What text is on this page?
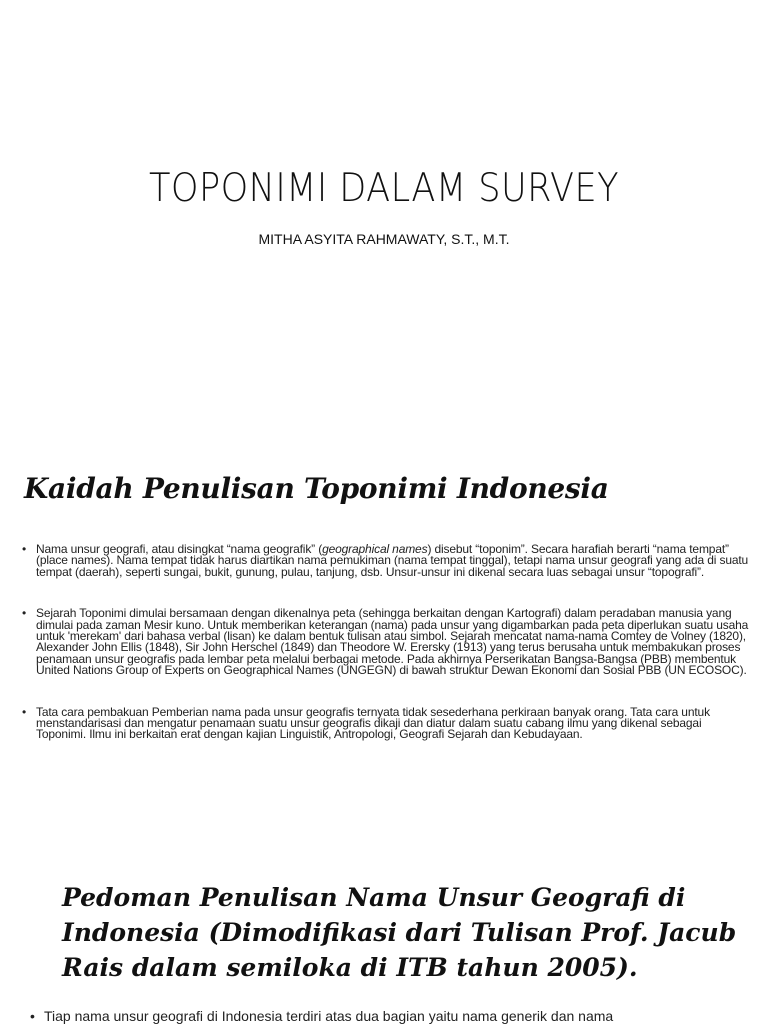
TOPONIMI DALAM SURVEY
MITHA ASYITA RAHMAWATY, S.T., M.T.
Kaidah Penulisan Toponimi Indonesia
• Nama unsur geografi, atau disingkat “nama geografik” (geographical names) disebut “toponim”. Secara harafiah berarti “nama tempat” (place names). Nama tempat tidak harus diartikan nama pemukiman (nama tempat tinggal), tetapi nama unsur geografi yang ada di suatu tempat (daerah), seperti sungai, bukit, gunung, pulau, tanjung, dsb. Unsur-unsur ini dikenal secara luas sebagai unsur “topografi”.
• Sejarah Toponimi dimulai bersamaan dengan dikenalnya peta (sehingga berkaitan dengan Kartografi) dalam peradaban manusia yang dimulai pada zaman Mesir kuno. Untuk memberikan keterangan (nama) pada unsur yang digambarkan pada peta diperlukan suatu usaha untuk 'merekam' dari bahasa verbal (lisan) ke dalam bentuk tulisan atau simbol. Sejarah mencatat nama-nama Comtey de Volney (1820), Alexander John Ellis (1848), Sir John Herschel (1849) dan Theodore W. Erersky (1913) yang terus berusaha untuk membakukan proses penamaan unsur geografis pada lembar peta melalui berbagai metode. Pada akhirnya Perserikatan Bangsa-Bangsa (PBB) membentuk United Nations Group of Experts on Geographical Names (UNGEGN) di bawah struktur Dewan Ekonomi dan Sosial PBB (UN ECOSOC).
• Tata cara pembakuan Pemberian nama pada unsur geografis ternyata tidak sesederhana perkiraan banyak orang. Tata cara untuk menstandarisasi dan mengatur penamaan suatu unsur geografis dikaji dan diatur dalam suatu cabang ilmu yang dikenal sebagai Toponimi. Ilmu ini berkaitan erat dengan kajian Linguistik, Antropologi, Geografi Sejarah dan Kebudayaan.
Pedoman Penulisan Nama Unsur Geografi di Indonesia (Dimodifikasi dari Tulisan Prof. Jacub Rais dalam semiloka di ITB tahun 2005).
• Tiap nama unsur geografi di Indonesia terdiri atas dua bagian yaitu nama generik dan nama
